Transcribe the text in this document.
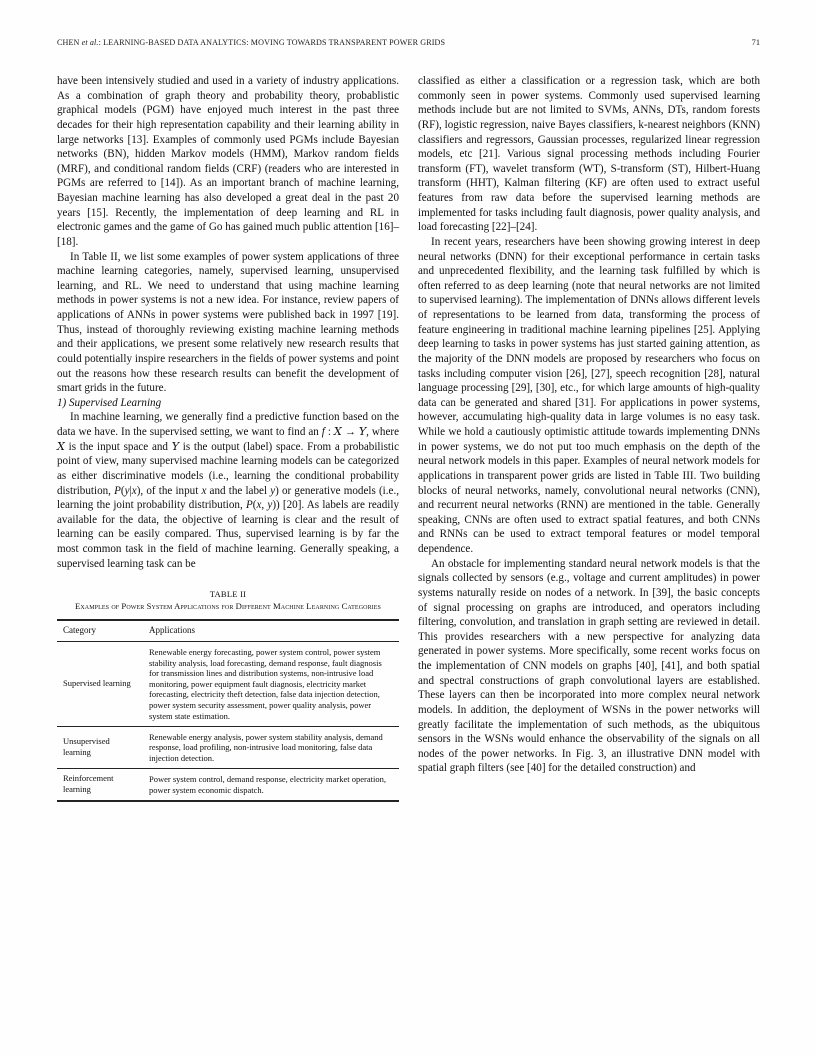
CHEN et al.: LEARNING-BASED DATA ANALYTICS: MOVING TOWARDS TRANSPARENT POWER GRIDS	71

have been intensively studied and used in a variety of industry applications. As a combination of graph theory and probability theory, probablistic graphical models (PGM) have enjoyed much interest in the past three decades for their high representation capability and their learning ability in large networks [13]. Examples of commonly used PGMs include Bayesian networks (BN), hidden Markov models (HMM), Markov random fields (MRF), and conditional random fields (CRF) (readers who are interested in PGMs are referred to [14]). As an important branch of machine learning, Bayesian machine learning has also developed a great deal in the past 20 years [15]. Recently, the implementation of deep learning and RL in electronic games and the game of Go has gained much public attention [16]–[18].

In Table II, we list some examples of power system applications of three machine learning categories, namely, supervised learning, unsupervised learning, and RL. We need to understand that using machine learning methods in power systems is not a new idea. For instance, review papers of applications of ANNs in power systems were published back in 1997 [19]. Thus, instead of thoroughly reviewing existing machine learning methods and their applications, we present some relatively new research results that could potentially inspire researchers in the fields of power systems and point out the reasons how these research results can benefit the development of smart grids in the future.

1) Supervised Learning

In machine learning, we generally find a predictive function based on the data we have. In the supervised setting, we want to find an f : X → Y, where X is the input space and Y is the output (label) space. From a probabilistic point of view, many supervised machine learning models can be categorized as either discriminative models (i.e., learning the conditional probability distribution, P(y|x), of the input x and the label y) or generative models (i.e., learning the joint probability distribution, P(x, y)) [20]. As labels are readily available for the data, the objective of learning is clear and the result of learning can be easily compared. Thus, supervised learning is by far the most common task in the field of machine learning. Generally speaking, a supervised learning task can be

TABLE II
Examples of Power System Applications for Different Machine Learning Categories
Category	Applications
Supervised learning	Renewable energy forecasting, power system control, power system stability analysis, load forecasting, demand response, fault diagnosis for transmission lines and distribution systems, non-intrusive load monitoring, power equipment fault diagnosis, electricity market forecasting, electricity theft detection, false data injection detection, power system security assessment, power quality analysis, power system state estimation.
Unsupervised learning	Renewable energy analysis, power system stability analysis, demand response, load profiling, non-intrusive load monitoring, false data injection detection.
Reinforcement learning	Power system control, demand response, electricity market operation, power system economic dispatch.

classified as either a classification or a regression task, which are both commonly seen in power systems. Commonly used supervised learning methods include but are not limited to SVMs, ANNs, DTs, random forests (RF), logistic regression, naive Bayes classifiers, k-nearest neighbors (KNN) classifiers and regressors, Gaussian processes, regularized linear regression models, etc [21]. Various signal processing methods including Fourier transform (FT), wavelet transform (WT), S-transform (ST), Hilbert-Huang transform (HHT), Kalman filtering (KF) are often used to extract useful features from raw data before the supervised learning methods are implemented for tasks including fault diagnosis, power quality analysis, and load forecasting [22]–[24].

In recent years, researchers have been showing growing interest in deep neural networks (DNN) for their exceptional performance in certain tasks and unprecedented flexibility, and the learning task fulfilled by which is often referred to as deep learning (note that neural networks are not limited to supervised learning). The implementation of DNNs allows different levels of representations to be learned from data, transforming the process of feature engineering in traditional machine learning pipelines [25]. Applying deep learning to tasks in power systems has just started gaining attention, as the majority of the DNN models are proposed by researchers who focus on tasks including computer vision [26], [27], speech recognition [28], natural language processing [29], [30], etc., for which large amounts of high-quality data can be generated and shared [31]. For applications in power systems, however, accumulating high-quality data in large volumes is no easy task. While we hold a cautiously optimistic attitude towards implementing DNNs in power systems, we do not put too much emphasis on the depth of the neural network models in this paper. Examples of neural network models for applications in transparent power grids are listed in Table III. Two building blocks of neural networks, namely, convolutional neural networks (CNN), and recurrent neural networks (RNN) are mentioned in the table. Generally speaking, CNNs are often used to extract spatial features, and both CNNs and RNNs can be used to extract temporal features or model temporal dependence.

An obstacle for implementing standard neural network models is that the signals collected by sensors (e.g., voltage and current amplitudes) in power systems naturally reside on nodes of a network. In [39], the basic concepts of signal processing on graphs are introduced, and operators including filtering, convolution, and translation in graph setting are reviewed in detail. This provides researchers with a new perspective for analyzing data generated in power systems. More specifically, some recent works focus on the implementation of CNN models on graphs [40], [41], and both spatial and spectral constructions of graph convolutional layers are established. These layers can then be incorporated into more complex neural network models. In addition, the deployment of WSNs in the power networks will greatly facilitate the implementation of such methods, as the ubiquitous sensors in the WSNs would enhance the observability of the signals on all nodes of the power networks. In Fig. 3, an illustrative DNN model with spatial graph filters (see [40] for the detailed construction) and
